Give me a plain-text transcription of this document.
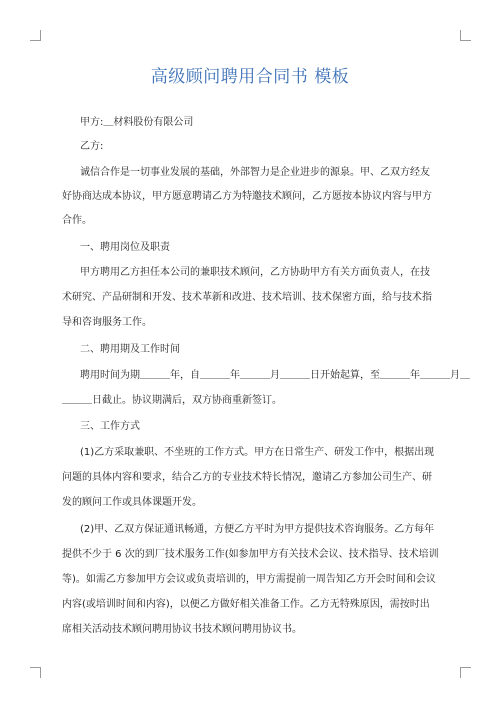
高级顾问聘用合同书 模板
甲方:＿材料股份有限公司
乙方:
诚信合作是一切事业发展的基础，外部智力是企业进步的源泉。甲、乙双方经友
好协商达成本协议，甲方愿意聘请乙方为特邀技术顾问，乙方愿按本协议内容与甲方
合作。
一、聘用岗位及职责
甲方聘用乙方担任本公司的兼职技术顾问，乙方协助甲方有关方面负责人，在技
术研究、产品研制和开发、技术革新和改进、技术培训、技术保密方面，给与技术指
导和咨询服务工作。
二、聘用期及工作时间
聘用时间为期＿＿＿年，自＿＿＿年＿＿＿月＿＿＿日开始起算，至＿＿＿年＿＿＿月＿
＿＿＿日截止。协议期满后，双方协商重新签订。
三、工作方式
(1)乙方采取兼职、不坐班的工作方式。甲方在日常生产、研发工作中，根据出现
问题的具体内容和要求，结合乙方的专业技术特长情况，邀请乙方参加公司生产、研
发的顾问工作或具体课题开发。
(2)甲、乙双方保证通讯畅通，方便乙方平时为甲方提供技术咨询服务。乙方每年
提供不少于 6 次的到厂技术服务工作(如参加甲方有关技术会议、技术指导、技术培训
等)。如需乙方参加甲方会议或负责培训的，甲方需提前一周告知乙方开会时间和会议
内容(或培训时间和内容)，以便乙方做好相关准备工作。乙方无特殊原因，需按时出
席相关活动技术顾问聘用协议书技术顾问聘用协议书。
